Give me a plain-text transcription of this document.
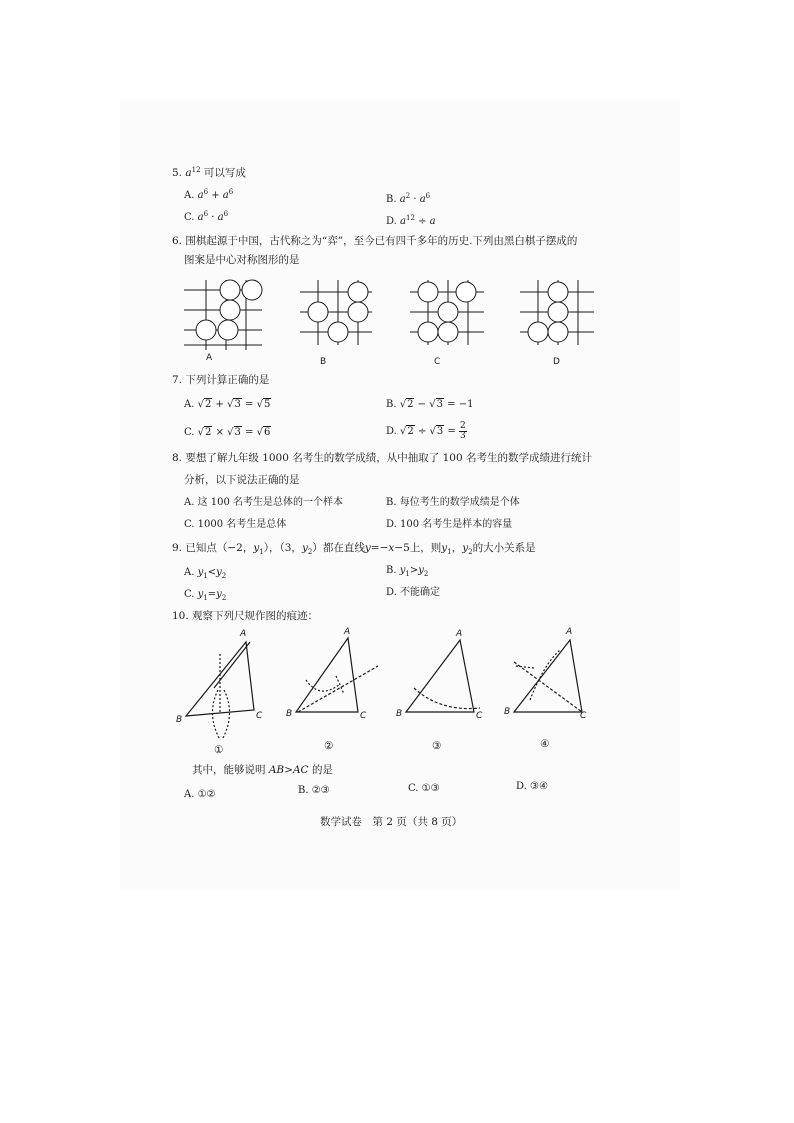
5. $a^{12}$ 可以写成
A. $a^6 + a^6$
B. $a^2 \cdot a^6$
C. $a^6 \cdot a^6$
D. $a^{12} \div a$
6. 围棋起源于中国，古代称之为“弈”，至今已有四千多年的历史.下列由黑白棋子摆成的
图案是中心对称图形的是
A	B	C	D
7. 下列计算正确的是
A. √2 + √3 = √5	B. √2 − √3 = −1
C. √2 × √3 = √6	D. $√2 \div √3 = \frac{2}{3}$
8. 要想了解九年级 1000 名考生的数学成绩，从中抽取了 100 名考生的数学成绩进行统计
分析，以下说法正确的是
A. 这 100 名考生是总体的一个样本	B. 每位考生的数学成绩是个体
C. 1000 名考生是总体	D. 100 名考生是样本的容量
9. 已知点（−2，$y_1$），（3，$y_2$）都在直线y=−x−5上，则$y_1$，$y_2$的大小关系是
A. $y_1<y_2$	B. $y_1>y_2$
C. $y_1=y_2$	D. 不能确定
10. 观察下列尺规作图的痕迹：
A
B	C
A
B	C
A
B	C
A
B	C
①	②	③	④
其中，能够说明 AB>AC 的是
A. ①②	B. ②③	C. ①③	D. ③④
数学试卷　第 2 页（共 8 页）
